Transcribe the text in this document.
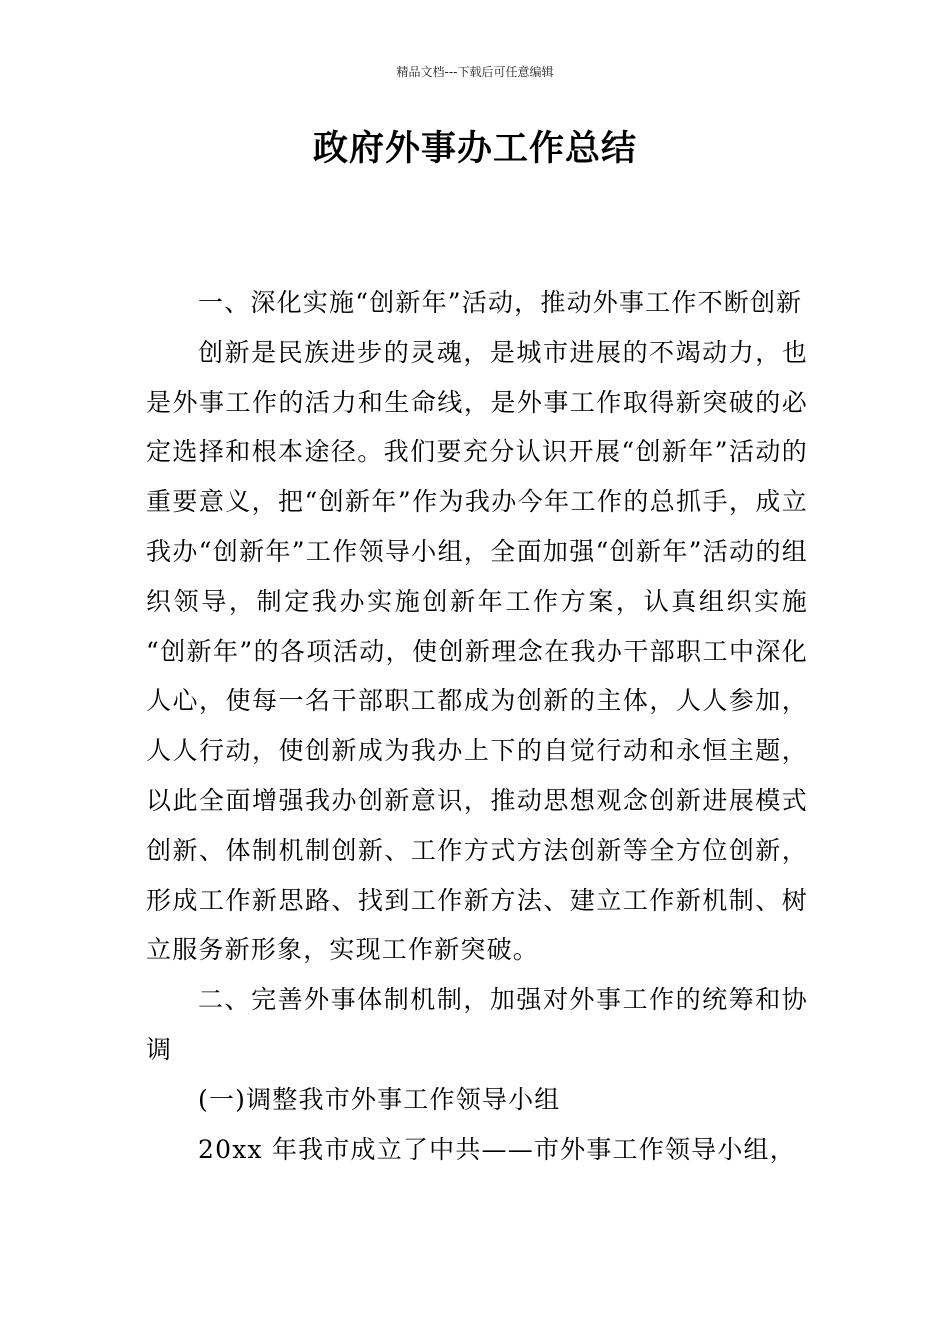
精品文档---下载后可任意编辑
政府外事办工作总结

一、深化实施“创新年”活动，推动外事工作不断创新

创新是民族进步的灵魂，是城市进展的不竭动力，也是外事工作的活力和生命线，是外事工作取得新突破的必定选择和根本途径。我们要充分认识开展“创新年”活动的重要意义，把“创新年”作为我办今年工作的总抓手，成立我办“创新年”工作领导小组，全面加强“创新年”活动的组织领导，制定我办实施创新年工作方案，认真组织实施 “创新年”的各项活动，使创新理念在我办干部职工中深化人心，使每一名干部职工都成为创新的主体，人人参加，人人行动，使创新成为我办上下的自觉行动和永恒主题，以此全面增强我办创新意识，推动思想观念创新进展模式创新、体制机制创新、工作方式方法创新等全方位创新，形成工作新思路、找到工作新方法、建立工作新机制、树立服务新形象，实现工作新突破。

二、完善外事体制机制，加强对外事工作的统筹和协调

(一)调整我市外事工作领导小组

20xx 年我市成立了中共——市外事工作领导小组，
